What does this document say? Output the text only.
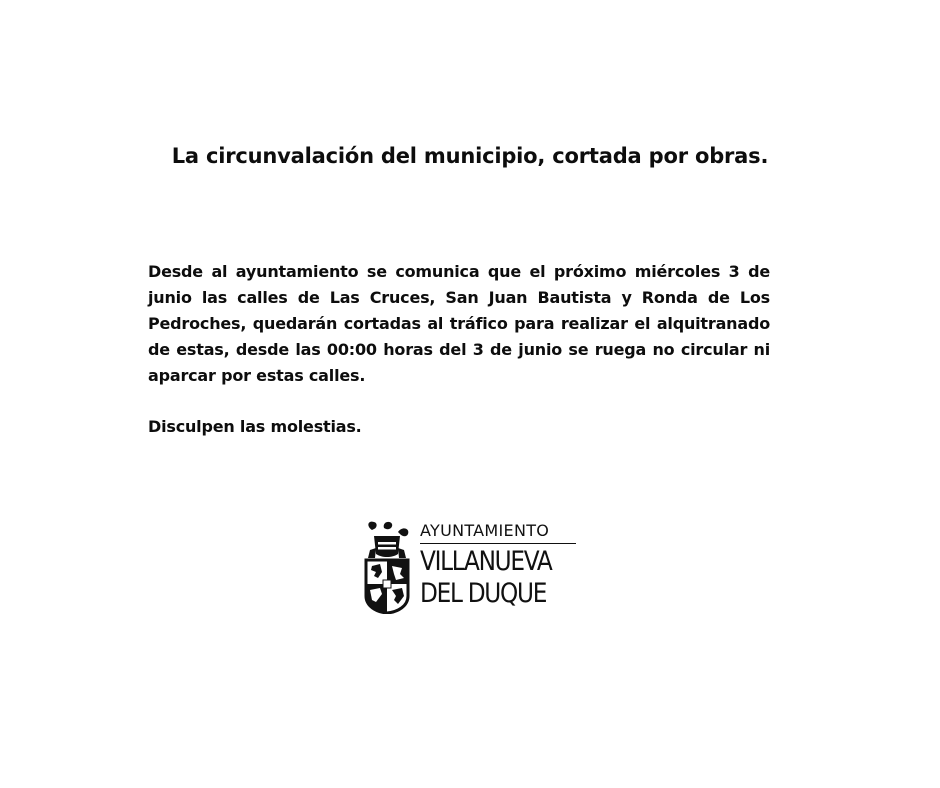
La circunvalación del municipio, cortada por obras.

Desde al ayuntamiento se comunica que el próximo miércoles 3 de junio las calles de Las Cruces, San Juan Bautista y Ronda de Los Pedroches, quedarán cortadas al tráfico para realizar el alquitranado de estas, desde las 00:00 horas del 3 de junio se ruega no circular ni aparcar por estas calles.

Disculpen las molestias.

AYUNTAMIENTO
VILLANUEVA
DEL DUQUE
